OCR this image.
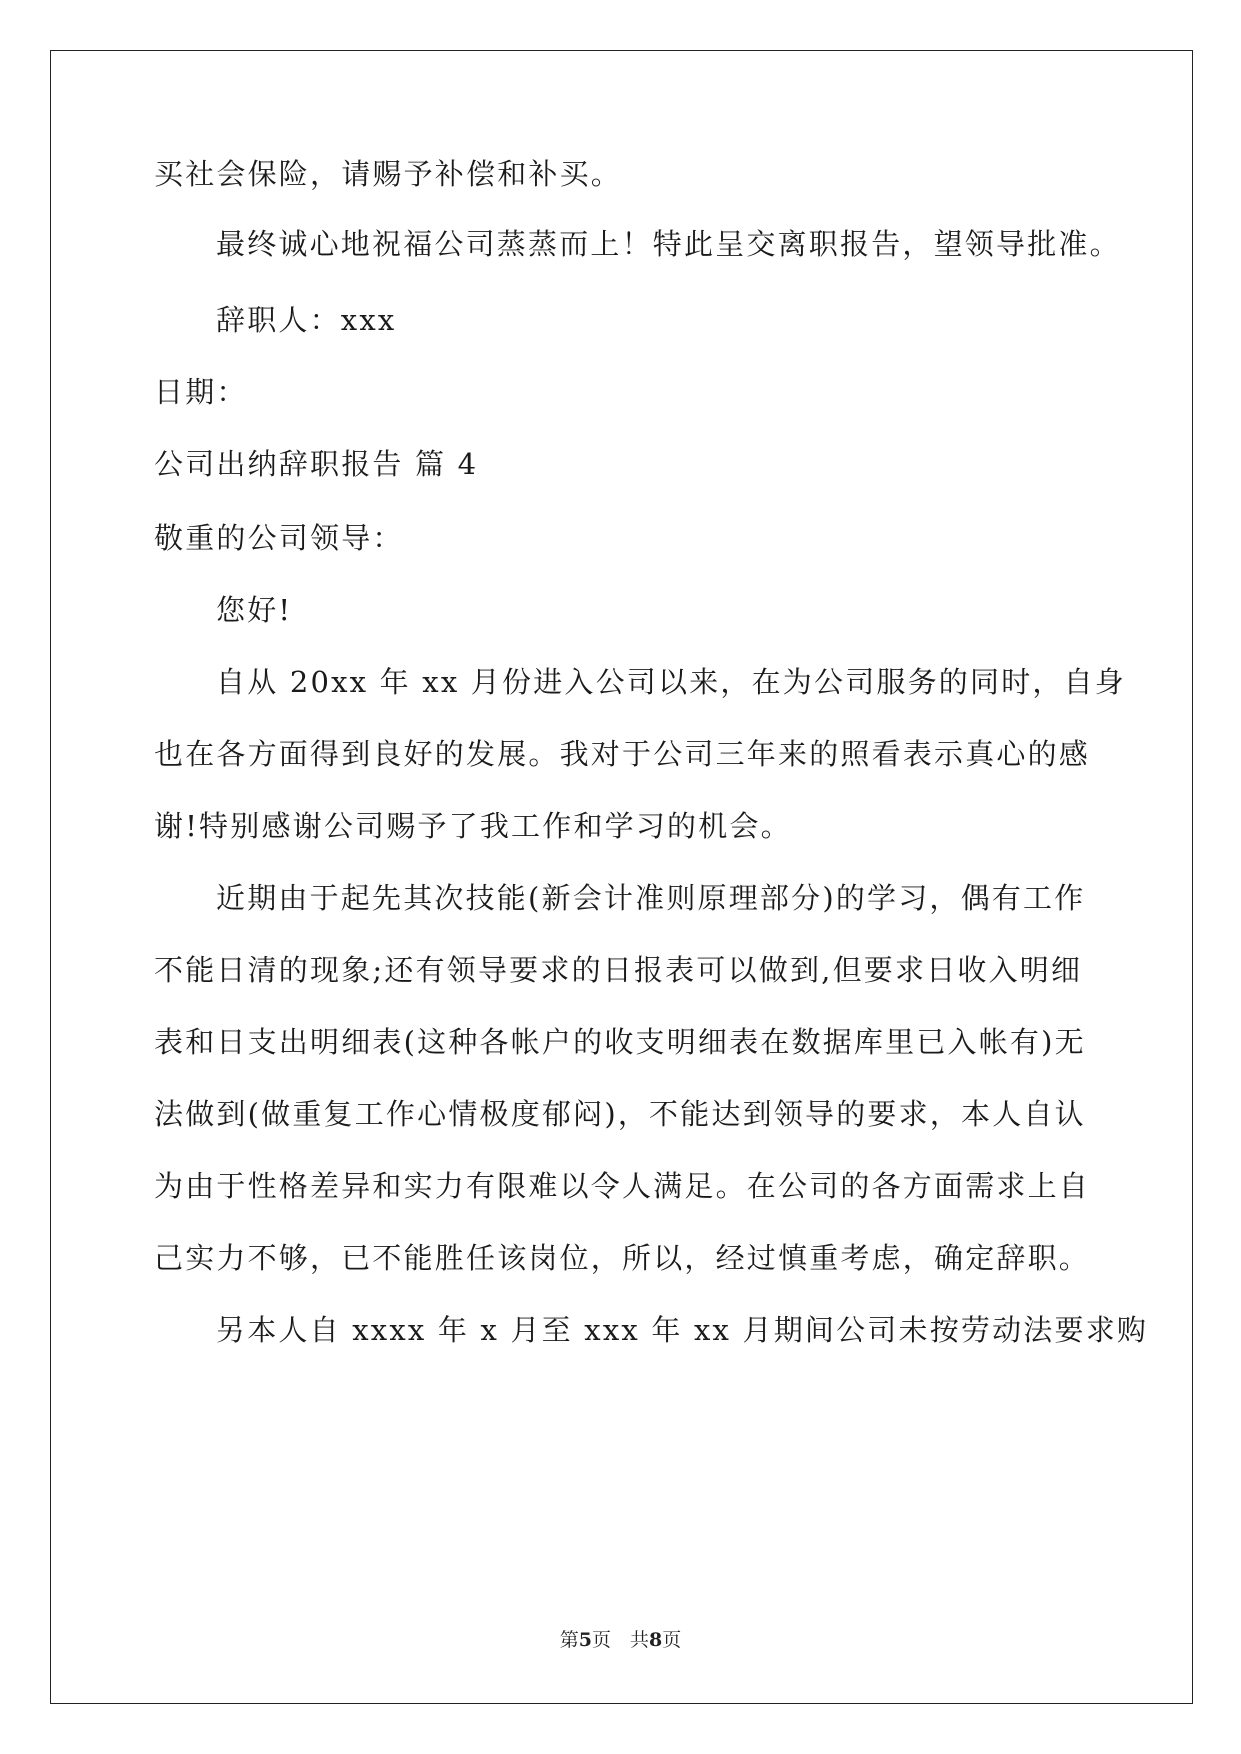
买社会保险，请赐予补偿和补买。
最终诚心地祝福公司蒸蒸而上！特此呈交离职报告，望领导批准。
辞职人：xxx
日期：
公司出纳辞职报告 篇 4
敬重的公司领导：
您好!
自从 20xx 年 xx 月份进入公司以来，在为公司服务的同时，自身
也在各方面得到良好的发展。我对于公司三年来的照看表示真心的感
谢!特别感谢公司赐予了我工作和学习的机会。
近期由于起先其次技能(新会计准则原理部分)的学习，偶有工作
不能日清的现象;还有领导要求的日报表可以做到,但要求日收入明细
表和日支出明细表(这种各帐户的收支明细表在数据库里已入帐有)无
法做到(做重复工作心情极度郁闷)，不能达到领导的要求，本人自认
为由于性格差异和实力有限难以令人满足。在公司的各方面需求上自
己实力不够，已不能胜任该岗位，所以，经过慎重考虑，确定辞职。
另本人自 xxxx 年 x 月至 xxx 年 xx 月期间公司未按劳动法要求购
第5页　共8页
